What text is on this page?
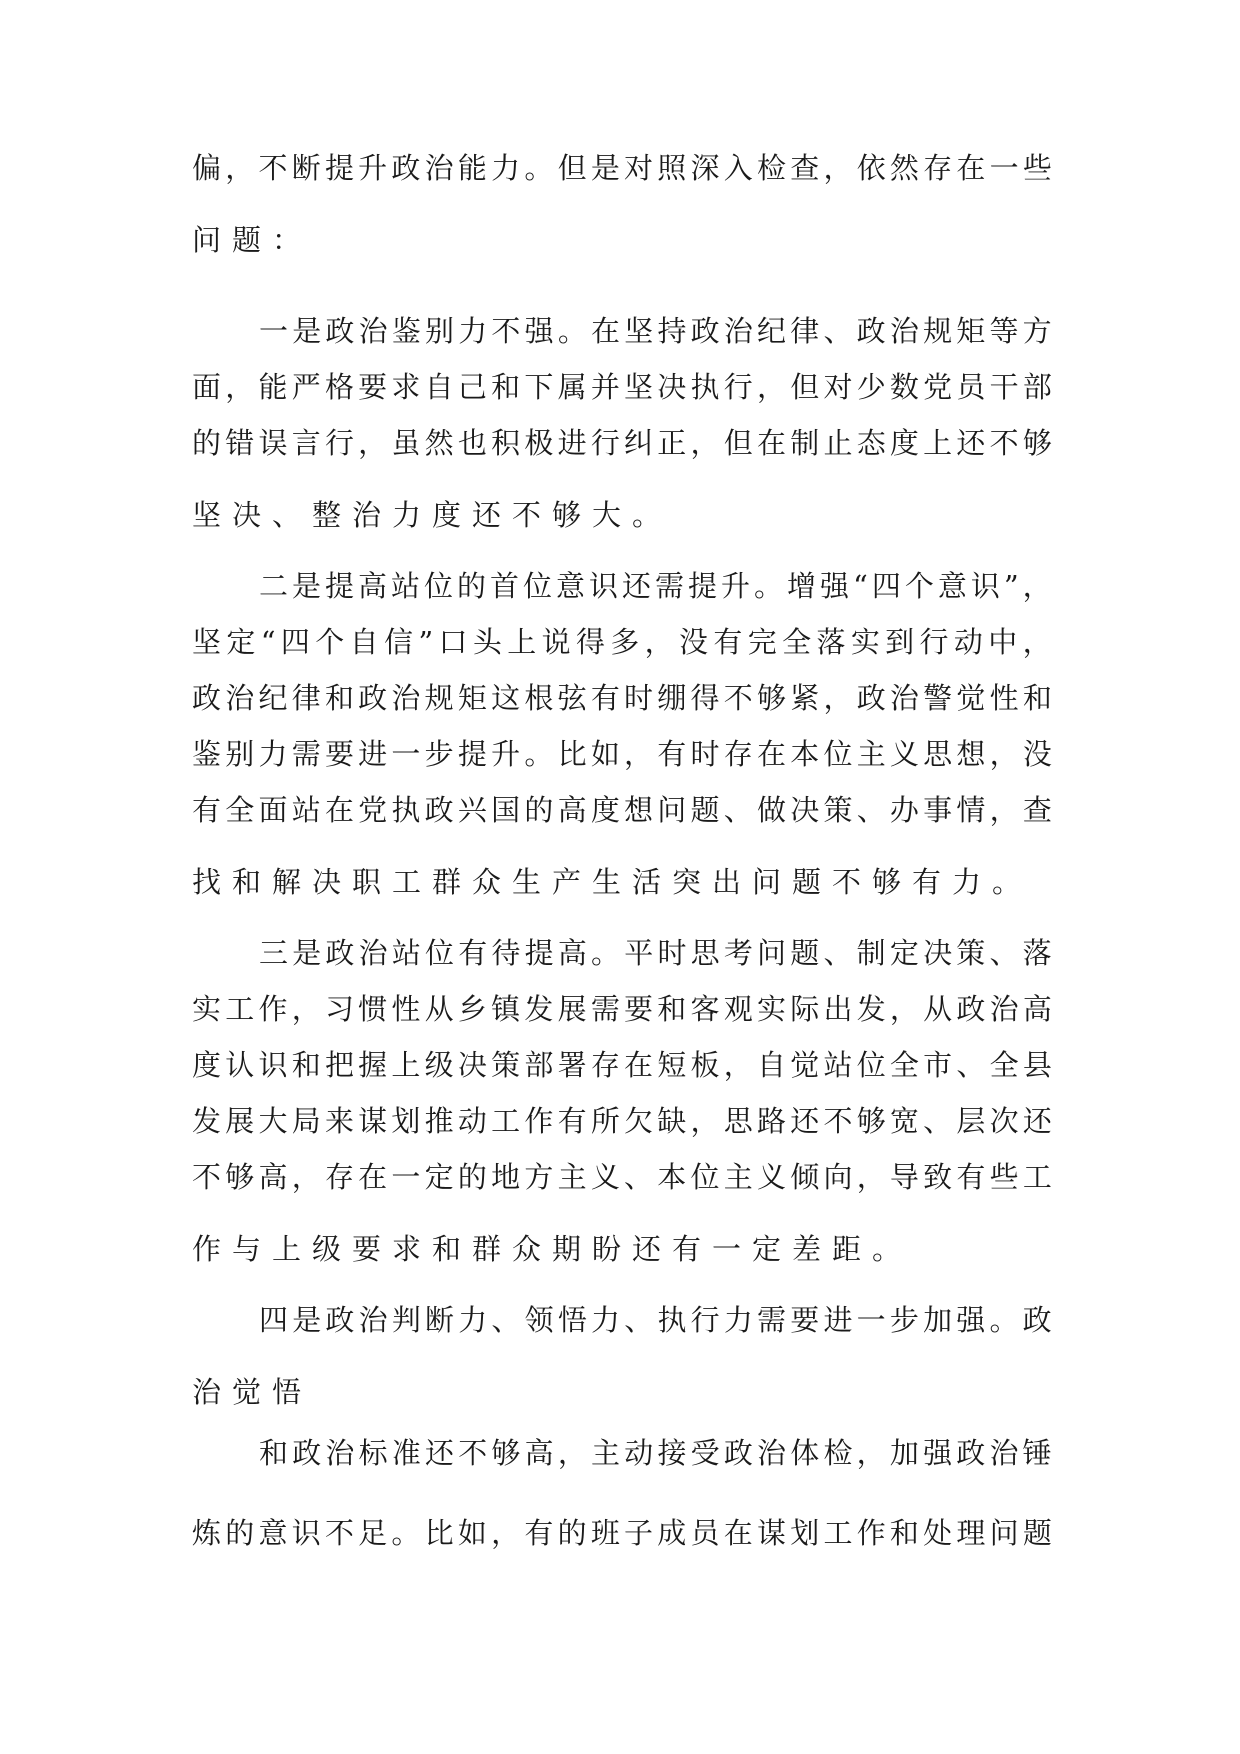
偏 ， 不 断 提 升 政 治 能 力 。 但 是 对 照 深 入 检 查 ， 依 然 存 在 一 些
问题：
一 是 政 治 鉴 别 力 不 强 。 在 坚 持 政 治 纪 律 、 政 治 规 矩 等 方
面 ， 能 严 格 要 求 自 己 和 下 属 并 坚 决 执 行 ， 但 对 少 数 党 员 干 部
的 错 误 言 行 ， 虽 然 也 积 极 进 行 纠 正 ， 但 在 制 止 态 度 上 还 不 够
坚决、整治力度还不够大。
二 是 提 高 站 位 的 首 位 意 识 还 需 提 升 。 增 强 “ 四 个 意 识 ” ，
坚 定 “ 四 个 自 信 ” 口 头 上 说 得 多 ， 没 有 完 全 落 实 到 行 动 中 ，
政 治 纪 律 和 政 治 规 矩 这 根 弦 有 时 绷 得 不 够 紧 ， 政 治 警 觉 性 和
鉴 别 力 需 要 进 一 步 提 升 。 比 如 ， 有 时 存 在 本 位 主 义 思 想 ， 没
有 全 面 站 在 党 执 政 兴 国 的 高 度 想 问 题 、 做 决 策 、 办 事 情 ， 查
找和解决职工群众生产生活突出问题不够有力。
三 是 政 治 站 位 有 待 提 高 。 平 时 思 考 问 题 、 制 定 决 策 、 落
实 工 作 ， 习 惯 性 从 乡 镇 发 展 需 要 和 客 观 实 际 出 发 ， 从 政 治 高
度 认 识 和 把 握 上 级 决 策 部 署 存 在 短 板 ， 自 觉 站 位 全 市 、 全 县
发 展 大 局 来 谋 划 推 动 工 作 有 所 欠 缺 ， 思 路 还 不 够 宽 、 层 次 还
不 够 高 ， 存 在 一 定 的 地 方 主 义 、 本 位 主 义 倾 向 ， 导 致 有 些 工
作与上级要求和群众期盼还有一定差距。
四 是 政 治 判 断 力 、 领 悟 力 、 执 行 力 需 要 进 一 步 加 强 。 政
治觉悟
和 政 治 标 准 还 不 够 高 ， 主 动 接 受 政 治 体 检 ， 加 强 政 治 锤
炼 的 意 识 不 足 。 比 如 ， 有 的 班 子 成 员 在 谋 划 工 作 和 处 理 问 题
